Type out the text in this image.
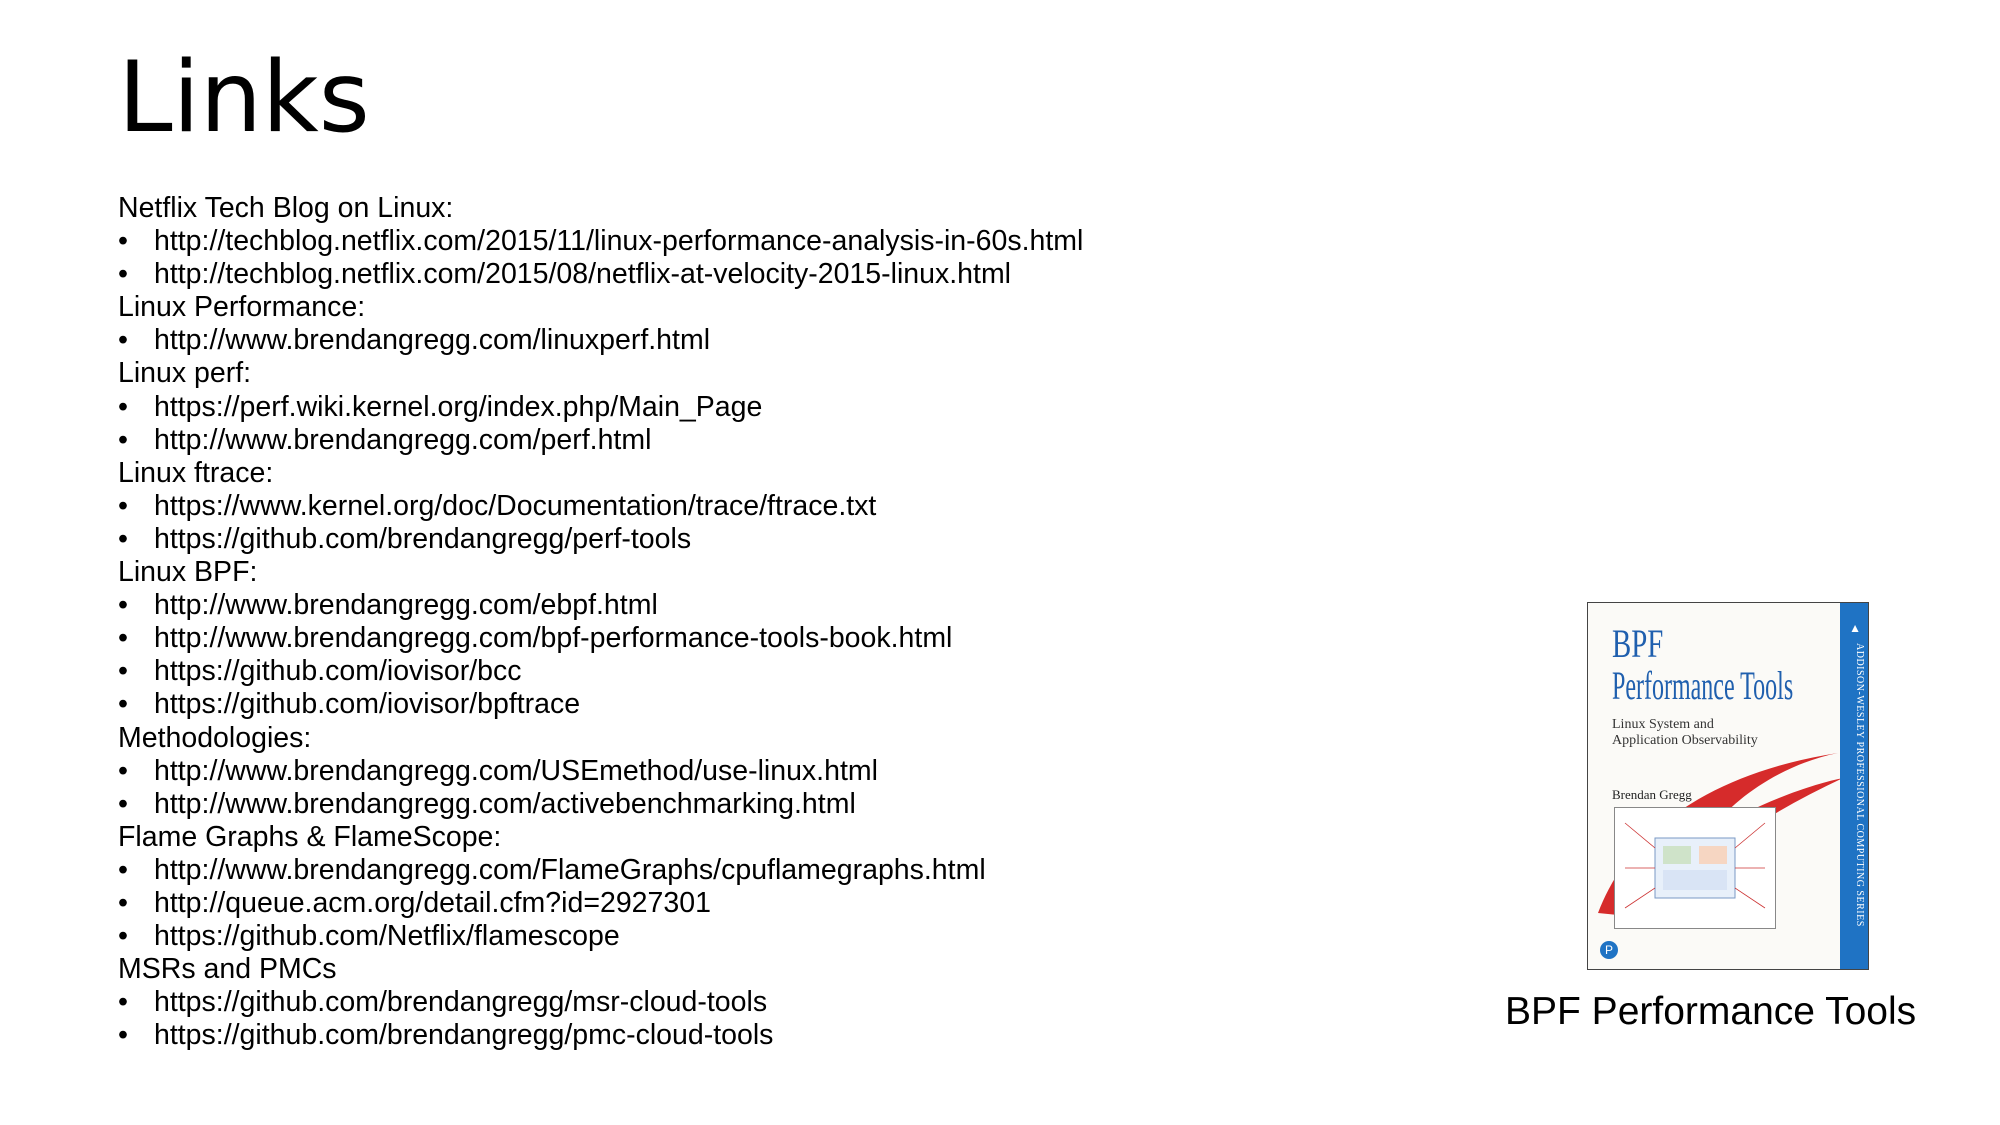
Links
Netflix Tech Blog on Linux:
• http://techblog.netflix.com/2015/11/linux-performance-analysis-in-60s.html
• http://techblog.netflix.com/2015/08/netflix-at-velocity-2015-linux.html
Linux Performance:
• http://www.brendangregg.com/linuxperf.html
Linux perf:
• https://perf.wiki.kernel.org/index.php/Main_Page
• http://www.brendangregg.com/perf.html
Linux ftrace:
• https://www.kernel.org/doc/Documentation/trace/ftrace.txt
• https://github.com/brendangregg/perf-tools
Linux BPF:
• http://www.brendangregg.com/ebpf.html
• http://www.brendangregg.com/bpf-performance-tools-book.html
• https://github.com/iovisor/bcc
• https://github.com/iovisor/bpftrace
Methodologies:
• http://www.brendangregg.com/USEmethod/use-linux.html
• http://www.brendangregg.com/activebenchmarking.html
Flame Graphs & FlameScope:
• http://www.brendangregg.com/FlameGraphs/cpuflamegraphs.html
• http://queue.acm.org/detail.cfm?id=2927301
• https://github.com/Netflix/flamescope
MSRs and PMCs
• https://github.com/brendangregg/msr-cloud-tools
• https://github.com/brendangregg/pmc-cloud-tools
BPF
Performance Tools
Linux System and
Application Observability
Brendan Gregg
▲
ADDISON-WESLEY PROFESSIONAL COMPUTING SERIES
P
BPF Performance Tools
